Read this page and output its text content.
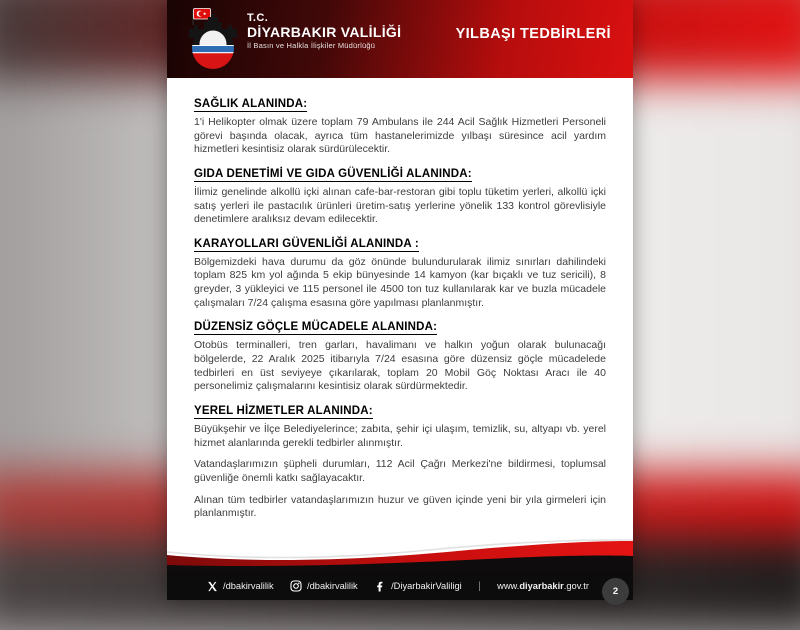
T.C.
DİYARBAKIR VALİLİĞİ
İl Basın ve Halkla İlişkiler Müdürlüğü
YILBAŞI TEDBİRLERİ
SAĞLIK ALANINDA:

1'i Helikopter olmak üzere toplam 79 Ambulans ile 244 Acil Sağlık Hizmetleri Personeli görevi başında olacak, ayrıca tüm hastanelerimizde yılbaşı süresince acil yardım hizmetleri kesintisiz olarak sürdürülecektir.

GIDA DENETİMİ VE GIDA GÜVENLİĞİ ALANINDA:

İlimiz genelinde alkollü içki alınan cafe-bar-restoran gibi toplu tüketim yerleri, alkollü içki satış yerleri ile pastacılık ürünleri üretim-satış yerlerine yönelik 133 kontrol görevlisiyle denetimlere aralıksız devam edilecektir.

KARAYOLLARI GÜVENLİĞİ ALANINDA :

Bölgemizdeki hava durumu da göz önünde bulundurularak ilimiz sınırları dahilindeki toplam 825 km yol ağında 5 ekip bünyesinde 14 kamyon (kar bıçaklı ve tuz sericili), 8 greyder, 3 yükleyici ve 115 personel ile 4500 ton tuz kullanılarak kar ve buzla mücadele çalışmaları 7/24 çalışma esasına göre yapılması planlanmıştır.

DÜZENSİZ GÖÇLE MÜCADELE ALANINDA:

Otobüs terminalleri, tren garları, havalimanı ve halkın yoğun olarak bulunacağı bölgelerde, 22 Aralık 2025 itibarıyla 7/24 esasına göre düzensiz göçle mücadelede tedbirleri en üst seviyeye çıkarılarak, toplam 20 Mobil Göç Noktası Aracı ile 40 personelimiz çalışmalarını kesintisiz olarak sürdürmektedir.

YEREL HİZMETLER ALANINDA:

Büyükşehir ve İlçe Belediyelerince; zabıta, şehir içi ulaşım, temizlik, su, altyapı vb. yerel hizmet alanlarında gerekli tedbirler alınmıştır.

Vatandaşlarımızın şüpheli durumları, 112 Acil Çağrı Merkezi'ne bildirmesi, toplumsal güvenliğe önemli katkı sağlayacaktır.

Alınan tüm tedbirler vatandaşlarımızın huzur ve güven içinde yeni bir yıla girmeleri için planlanmıştır.

/dbakirvalilik	/dbakirvalilik	/DiyarbakirValiligi | www.diyarbakir.gov.tr	2
